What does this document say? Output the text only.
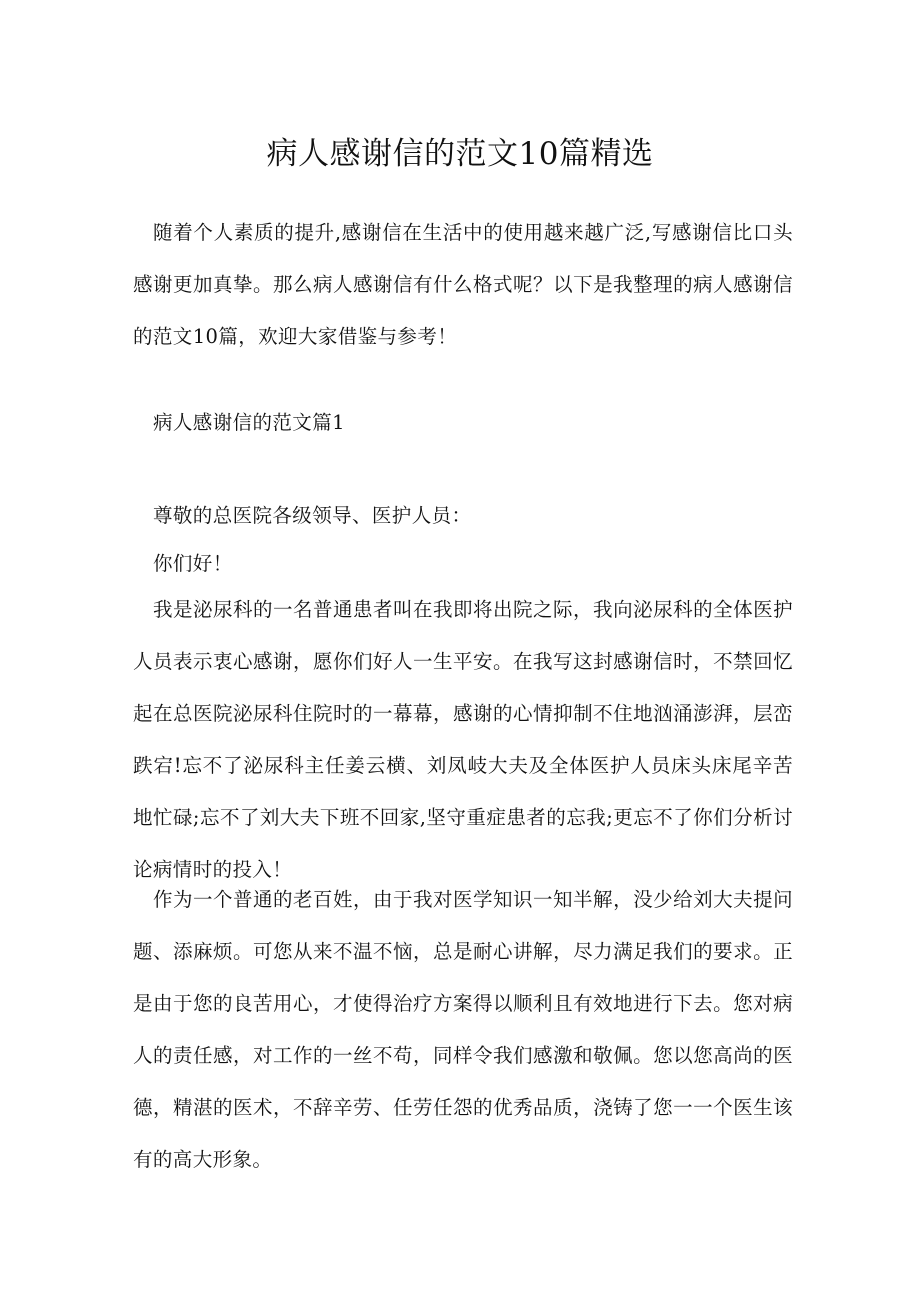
病人感谢信的范文10篇精选

随着个人素质的提升,感谢信在生活中的使用越来越广泛,写感谢信比口头感谢更加真挚。那么病人感谢信有什么格式呢？以下是我整理的病人感谢信的范文10篇，欢迎大家借鉴与参考！

病人感谢信的范文篇1

尊敬的总医院各级领导、医护人员：

你们好！

我是泌尿科的一名普通患者叫在我即将出院之际，我向泌尿科的全体医护人员表示衷心感谢，愿你们好人一生平安。在我写这封感谢信时，不禁回忆起在总医院泌尿科住院时的一幕幕，感谢的心情抑制不住地汹涌澎湃，层峦跌宕!忘不了泌尿科主任姜云横、刘凤岐大夫及全体医护人员床头床尾辛苦地忙碌;忘不了刘大夫下班不回家,坚守重症患者的忘我;更忘不了你们分析讨论病情时的投入！

作为一个普通的老百姓，由于我对医学知识一知半解，没少给刘大夫提问题、添麻烦。可您从来不温不恼，总是耐心讲解，尽力满足我们的要求。正是由于您的良苦用心，才使得治疗方案得以顺利且有效地进行下去。您对病人的责任感，对工作的一丝不苟，同样令我们感激和敬佩。您以您高尚的医德，精湛的医术，不辞辛劳、任劳任怨的优秀品质，浇铸了您一一个医生该有的高大形象。
